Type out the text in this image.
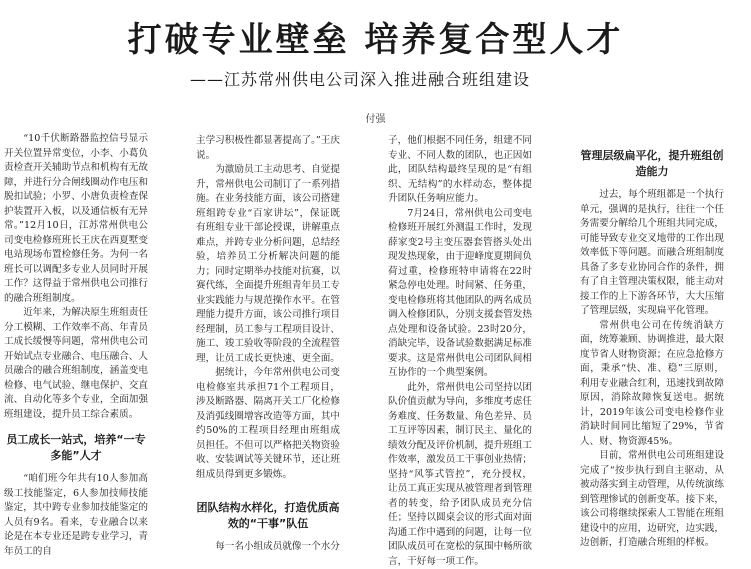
打破专业壁垒 培养复合型人才
——江苏常州供电公司深入推进融合班组建设
付强

“10千伏断路器监控信号显示开关位置异常变位，小李、小葛负责检查开关辅助节点和机构有无故障，并进行分合闸线圈动作电压和脱扣试验；小罗、小唐负责检查保护装置开入板，以及通信板有无异常。”12月10日，江苏常州供电公司变电检修班班长王庆在西夏墅变电站现场布置检修任务。为何一名班长可以调配多专业人员同时开展工作？这得益于常州供电公司推行的融合班组制度。

近年来，为解决原生班组责任分工模糊、工作效率不高、年青员工成长缓慢等问题，常州供电公司开始试点专业融合、电压融合、人员融合的融合班组制度，涵盖变电检修、电气试验、继电保护、交直流、自动化等多个专业，全面加强班组建设，提升员工综合素质。

员工成长一站式，培养“一专多能”人才

“咱们班今年共有10人参加高级工技能鉴定，6人参加技师技能鉴定，其中跨专业参加技能鉴定的人员有9名。看来，专业融合以来论是在本专业还是跨专业学习，青年员工的自

主学习积极性都显著提高了。”王庆说。

为激励员工主动思考、自觉提升，常州供电公司制订了一系列措施。在业务技能方面，该公司搭建班组跨专业“百家讲坛”，保证既有班组专业干部论授课，讲解重点难点，并跨专业分析问题，总结经验，培养员工分析解决问题的能力；同时定期举办技能对抗赛，以赛代练，全面提升班组青年员工专业实践能力与规范操作水平。在管理能力提升方面，该公司推行项目经理制，员工参与工程项目设计、施工、竣工验收等阶段的全流程管理，让员工成长更快速、更全面。

据统计，今年常州供电公司变电检修室共承担71个工程项目，涉及断路器、隔离开关工厂化检修及消弧线圈增容改造等方面，其中约50%的工程项目经理由班组成员担任。不但可以严格把关物资验收、安装调试等关键环节，还让班组成员得到更多锻炼。

团队结构水样化，打造优质高效的“干事”队伍

每一名小组成员就像一个水分

子，他们根据不同任务，组建不同专业、不同人数的团队，也正因如此，团队结构最终呈现的是“有组织、无结构”的水样动态，整体提升团队任务响应能力。

7月24日，常州供电公司变电检修班开展红外测温工作时，发现薛家变2号主变压器套管搭头处出现发热现象，由于迎峰度夏期间负荷过重，检修班特申请将在22时紧急停电处理。时间紧、任务重，变电检修班将其他团队的两名成员调入检修团队，分别支援套管发热点处理和设备试验。23时20分，消缺完毕，设备试验数据满足标准要求。这是常州供电公司团队间相互协作的一个典型案例。

此外，常州供电公司坚持以团队价值贡献为导向，多维度考虑任务难度、任务数量、角色差异、员工互评等因素，制订民主、量化的绩效分配及评价机制，提升班组工作效率，激发员工干事创业热情；坚持“风筝式管控”，充分授权，让员工真正实现从被管理者到管理者的转变，给予团队成员充分信任；坚持以圆桌会议的形式面对面沟通工作中遇到的问题，让每一位团队成员可在宽松的氛围中畅所欲言，干好每一项工作。

管理层级扁平化，提升班组创造能力

过去，每个班组都是一个执行单元，强调的是执行，往往一个任务需要分解给几个班组共同完成，可能导致专业交叉地带的工作出现效率低下等问题。而融合班组制度具备了多专业协同合作的条件，拥有了自主管理决策权限，能主动对接工作的上下游各环节，大大压缩了管理层级，实现扁平化管理。

常州供电公司在传统消缺方面，统筹兼顾、协调推进，最大限度节省人财物资源；在应急抢修方面，秉承“快、准、稳”三原则，利用专业融合红利，迅速找到故障原因，消除故障恢复送电。据统计，2019年该公司变电检修作业消缺时间同比缩短了29%，节省人、财、物资源45%。

目前，常州供电公司班组建设完成了“按步执行到自主驱动，从被动落实到主动管理，从传统演练到管理惨试的创新变革。接下来，该公司将继续探索人工智能在班组建设中的应用，边研究，边实践，边创新，打造融合班组的样板。
